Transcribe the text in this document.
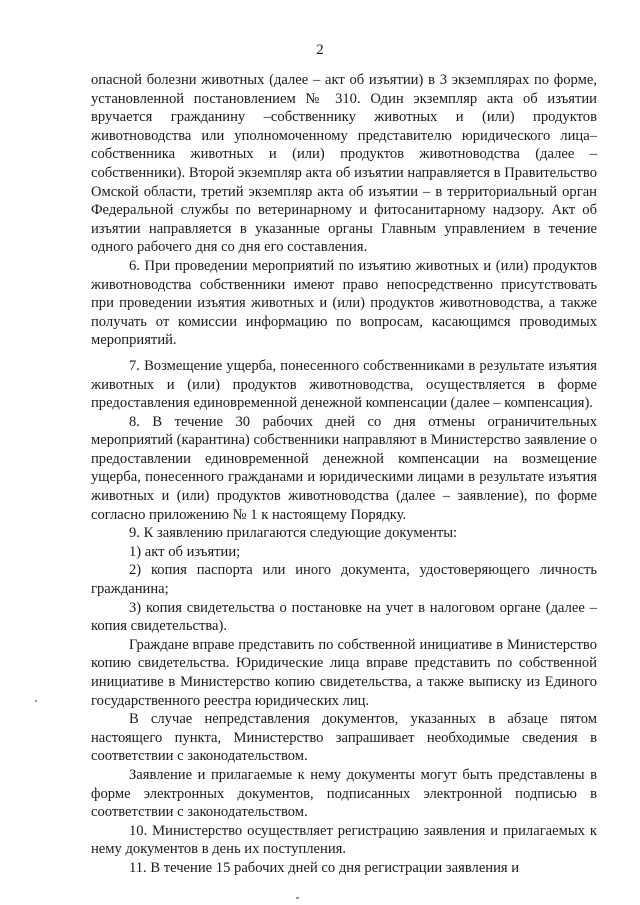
2

опасной болезни животных (далее – акт об изъятии) в 3 экземплярах по форме, установленной постановлением № 310. Один экземпляр акта об изъятии вручается гражданину –собственнику животных и (или) продуктов животноводства или уполномоченному представителю юридического лица– собственника животных и (или) продуктов животноводства (далее – собственники). Второй экземпляр акта об изъятии направляется в Правительство Омской области, третий экземпляр акта об изъятии – в территориальный орган Федеральной службы по ветеринарному и фитосанитарному надзору. Акт об изъятии направляется в указанные органы Главным управлением в течение одного рабочего дня со дня его составления.

6. При проведении мероприятий по изъятию животных и (или) продуктов животноводства собственники имеют право непосредственно присутствовать при проведении изъятия животных и (или) продуктов животноводства, а также получать от комиссии информацию по вопросам, касающимся проводимых мероприятий.

7. Возмещение ущерба, понесенного собственниками в результате изъятия животных и (или) продуктов животноводства, осуществляется в форме предоставления единовременной денежной компенсации (далее – компенсация).

8. В течение 30 рабочих дней со дня отмены ограничительных мероприятий (карантина) собственники направляют в Министерство заявление о предоставлении единовременной денежной компенсации на возмещение ущерба, понесенного гражданами и юридическими лицами в результате изъятия животных и (или) продуктов животноводства (далее – заявление), по форме согласно приложению № 1 к настоящему Порядку.

9. К заявлению прилагаются следующие документы:

1) акт об изъятии;

2) копия паспорта или иного документа, удостоверяющего личность гражданина;

3) копия свидетельства о постановке на учет в налоговом органе (далее – копия свидетельства).

Граждане вправе представить по собственной инициативе в Министерство копию свидетельства. Юридические лица вправе представить по собственной инициативе в Министерство копию свидетельства, а также выписку из Единого государственного реестра юридических лиц.

В случае непредставления документов, указанных в абзаце пятом настоящего пункта, Министерство запрашивает необходимые сведения в соответствии с законодательством.

Заявление и прилагаемые к нему документы могут быть представлены в форме электронных документов, подписанных электронной подписью в соответствии с законодательством.

10. Министерство осуществляет регистрацию заявления и прилагаемых к нему документов в день их поступления.

11. В течение 15 рабочих дней со дня регистрации заявления и
